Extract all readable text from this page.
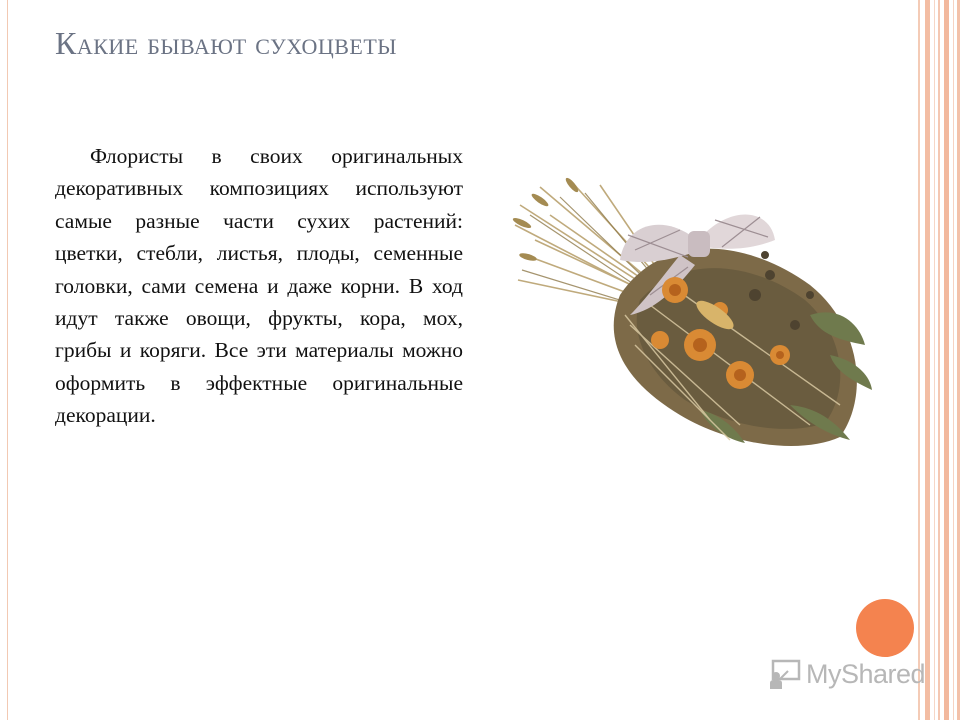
Какие бывают сухоцветы

Флористы в своих оригинальных декоративных композициях используют самые разные части сухих растений: цветки, стебли, листья, плоды, семенные головки, сами семена и даже корни. В ход идут также овощи, фрукты, кора, мох, грибы и коряги. Все эти материалы можно оформить в эффектные оригинальные декорации.

MyShared
